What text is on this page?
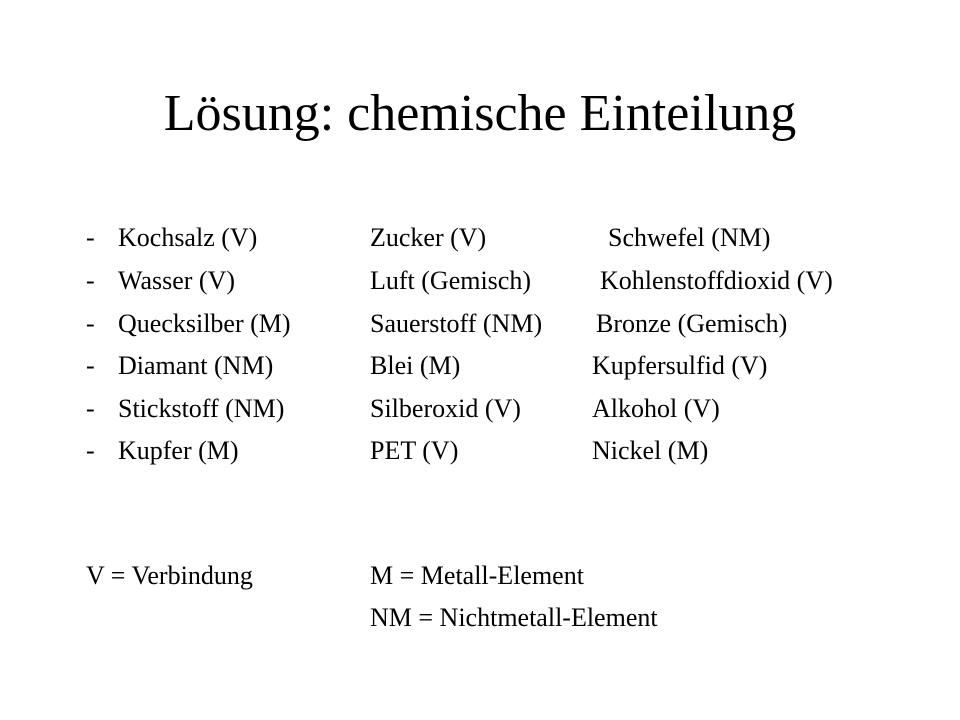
Lösung: chemische Einteilung
- Kochsalz (V)	Zucker (V)	Schwefel (NM)
- Wasser (V)	Luft (Gemisch)	Kohlenstoffdioxid (V)
- Quecksilber (M)	Sauerstoff (NM) Bronze (Gemisch)
- Diamant (NM)	Blei (M)	Kupfersulfid (V)
- Stickstoff (NM)	Silberoxid (V)	Alkohol (V)
- Kupfer (M)	PET (V)	Nickel (M)
V = Verbindung	M = Metall-Element
NM = Nichtmetall-Element
